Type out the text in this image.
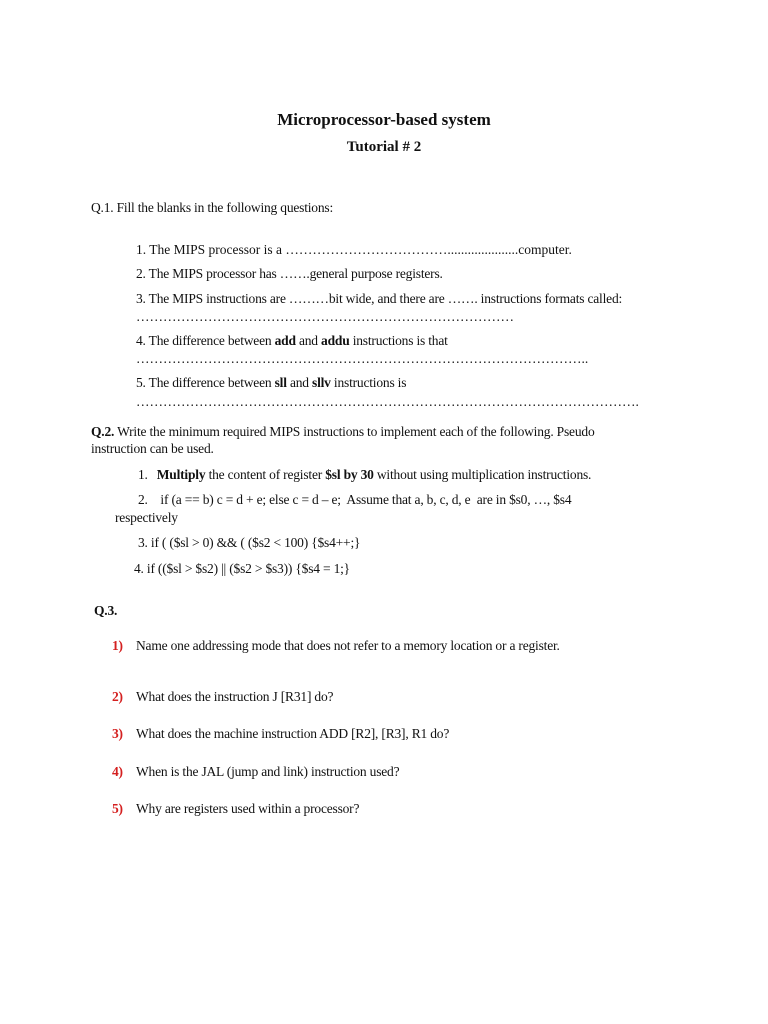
Microprocessor-based system
Tutorial # 2
Q.1. Fill the blanks in the following questions:
1. The MIPS processor is a ……………………………….....................computer.
2. The MIPS processor has …….general purpose registers.
3. The MIPS instructions are ………bit wide, and there are ……. instructions formats called:
…………………………………………………………………………
4. The difference between add and addu instructions is that
………………………………………………………………………………………..
5. The difference between sll and sllv instructions is
………………………………………………………………………………………………….
Q.2. Write the minimum required MIPS instructions to implement each of the following. Pseudo
instruction can be used.
1. Multiply the content of register $sl by 30 without using multiplication instructions.
2.    if (a == b) c = d + e; else c = d – e;  Assume that a, b, c, d, e  are in $s0, …, $s4
respectively
3. if ( ($sl > 0) && ( ($s2 < 100) {$s4++;}
4. if (($sl > $s2) || ($s2 > $s3)) {$s4 = 1;}
Q.3.
1) Name one addressing mode that does not refer to a memory location or a register.
2) What does the instruction J [R31] do?
3) What does the machine instruction ADD [R2], [R3], R1 do?
4) When is the JAL (jump and link) instruction used?
5) Why are registers used within a processor?
